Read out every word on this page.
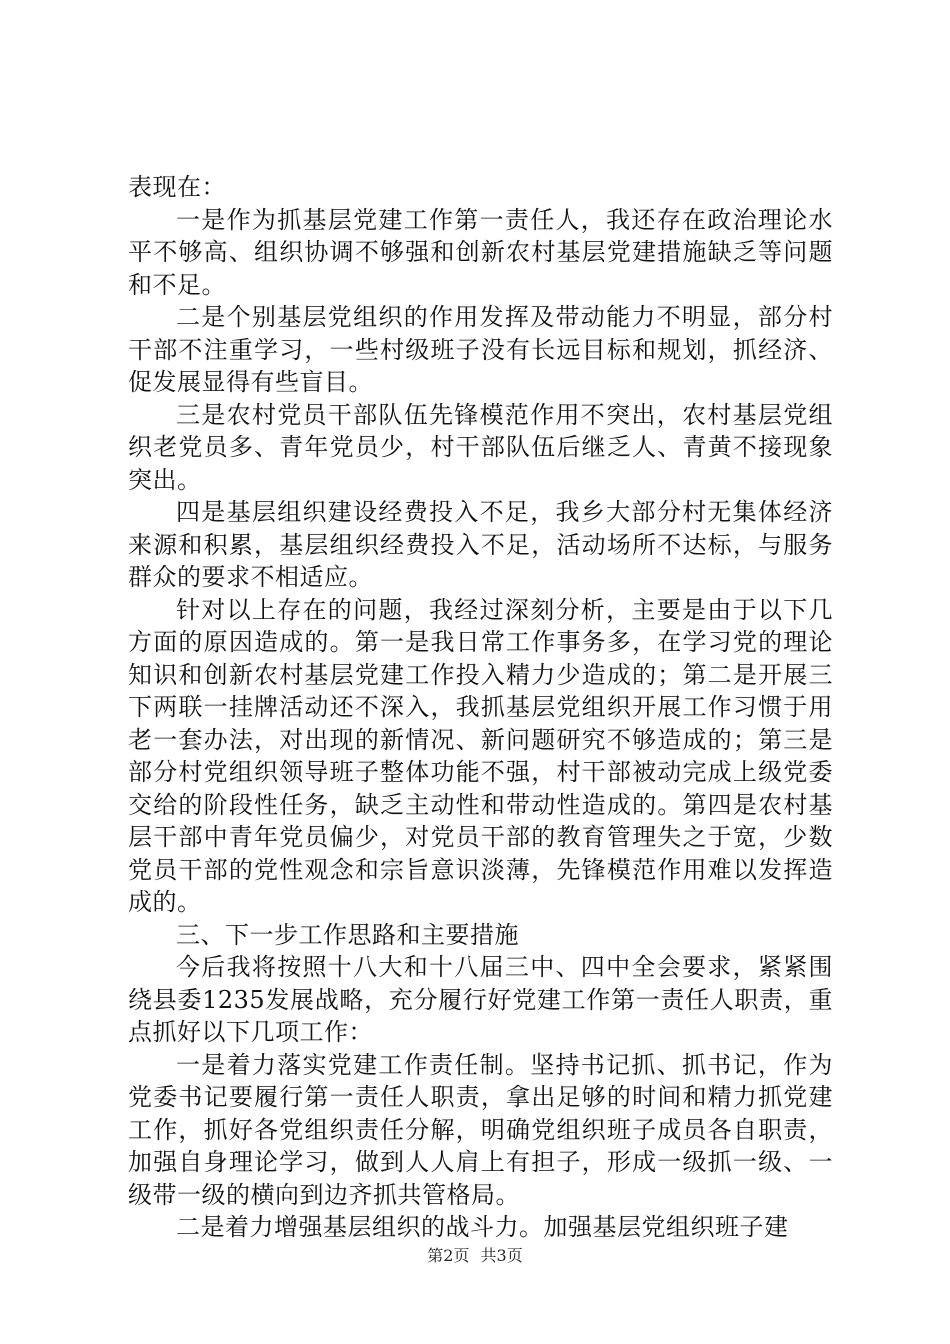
表现在：

一是作为抓基层党建工作第一责任人，我还存在政治理论水平不够高、组织协调不够强和创新农村基层党建措施缺乏等问题和不足。

二是个别基层党组织的作用发挥及带动能力不明显，部分村干部不注重学习，一些村级班子没有长远目标和规划，抓经济、促发展显得有些盲目。

三是农村党员干部队伍先锋模范作用不突出，农村基层党组织老党员多、青年党员少，村干部队伍后继乏人、青黄不接现象突出。

四是基层组织建设经费投入不足，我乡大部分村无集体经济来源和积累，基层组织经费投入不足，活动场所不达标，与服务群众的要求不相适应。

针对以上存在的问题，我经过深刻分析，主要是由于以下几方面的原因造成的。第一是我日常工作事务多，在学习党的理论知识和创新农村基层党建工作投入精力少造成的；第二是开展三下两联一挂牌活动还不深入，我抓基层党组织开展工作习惯于用老一套办法，对出现的新情况、新问题研究不够造成的；第三是部分村党组织领导班子整体功能不强，村干部被动完成上级党委交给的阶段性任务，缺乏主动性和带动性造成的。第四是农村基层干部中青年党员偏少，对党员干部的教育管理失之于宽，少数党员干部的党性观念和宗旨意识淡薄，先锋模范作用难以发挥造成的。

三、下一步工作思路和主要措施

今后我将按照十八大和十八届三中、四中全会要求，紧紧围绕县委1235发展战略，充分履行好党建工作第一责任人职责，重点抓好以下几项工作：

一是着力落实党建工作责任制。坚持书记抓、抓书记，作为党委书记要履行第一责任人职责，拿出足够的时间和精力抓党建工作，抓好各党组织责任分解，明确党组织班子成员各自职责，加强自身理论学习，做到人人肩上有担子，形成一级抓一级、一级带一级的横向到边齐抓共管格局。

二是着力增强基层组织的战斗力。加强基层党组织班子建

第2页 共3页
